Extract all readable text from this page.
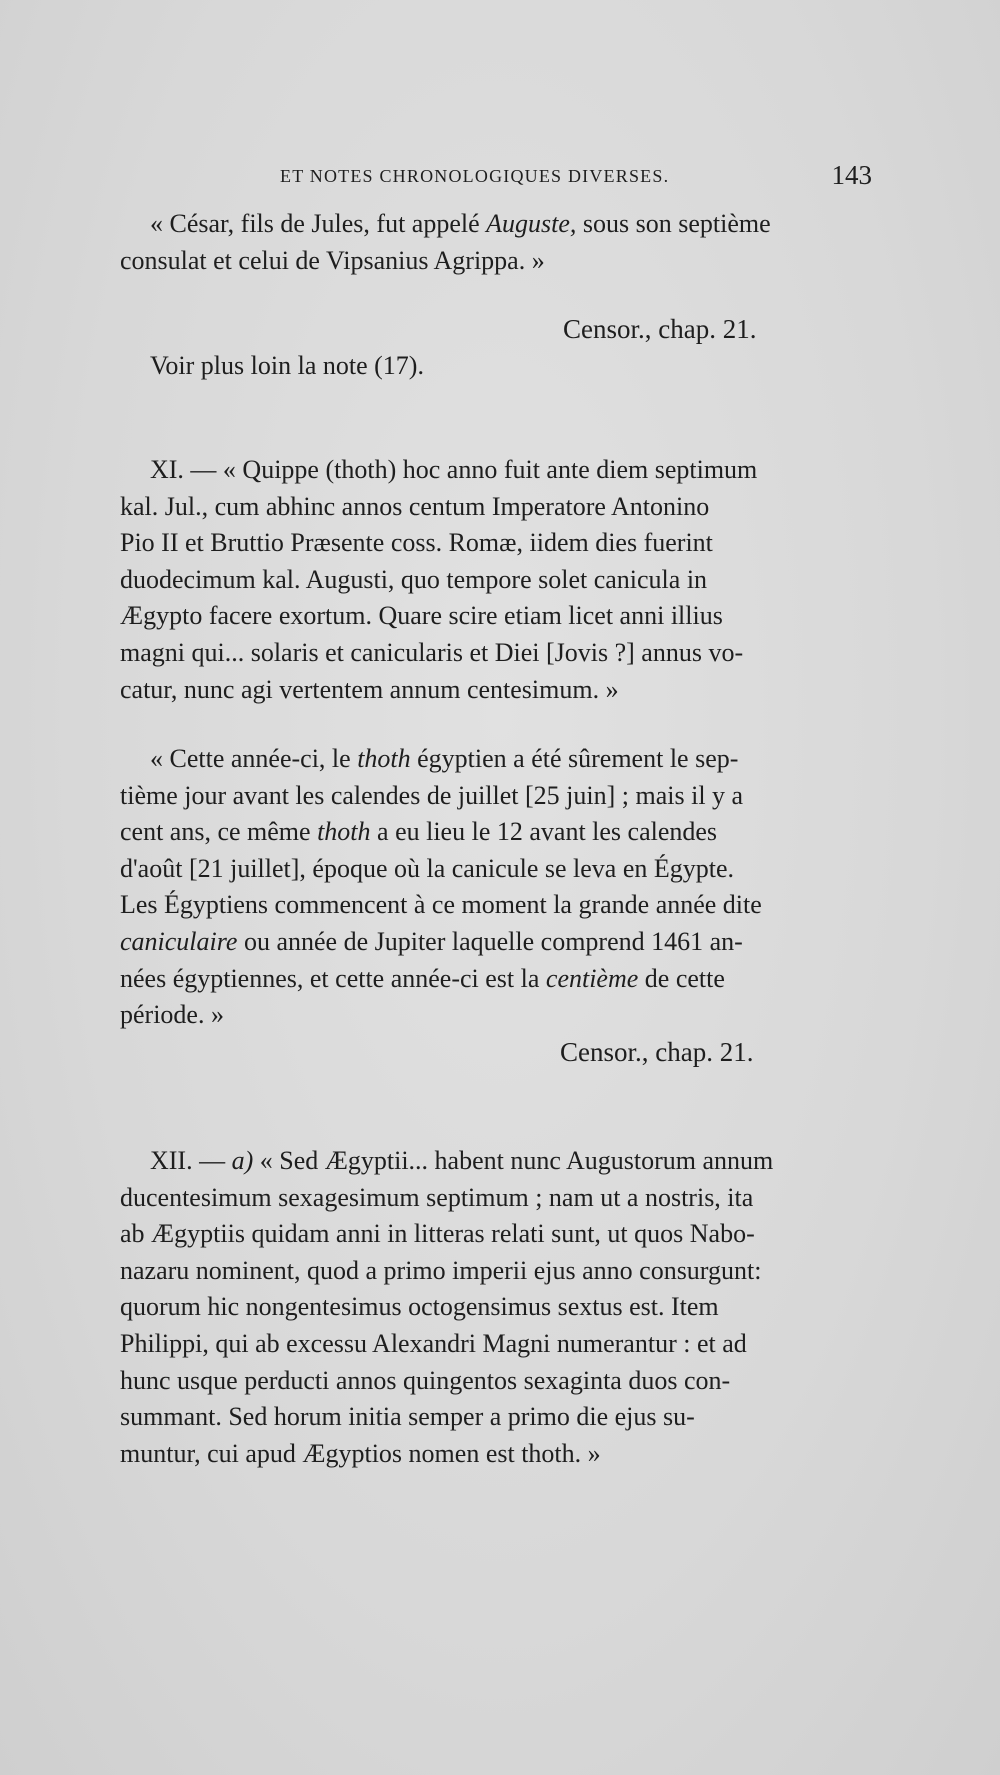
ET NOTES CHRONOLOGIQUES DIVERSES.	143
« César, fils de Jules, fut appelé Auguste, sous son septième
consulat et celui de Vipsanius Agrippa. »
Censor., chap. 21.
Voir plus loin la note (17).
XI. — « Quippe (thoth) hoc anno fuit ante diem septimum
kal. Jul., cum abhinc annos centum Imperatore Antonino
Pio II et Bruttio Præsente coss. Romæ, iidem dies fuerint
duodecimum kal. Augusti, quo tempore solet canicula in
Ægypto facere exortum. Quare scire etiam licet anni illius
magni qui... solaris et canicularis et Diei [Jovis ?] annus vo-
catur, nunc agi vertentem annum centesimum. »
« Cette année-ci, le thoth égyptien a été sûrement le sep-
tième jour avant les calendes de juillet [25 juin] ; mais il y a
cent ans, ce même thoth a eu lieu le 12 avant les calendes
d'août [21 juillet], époque où la canicule se leva en Égypte.
Les Égyptiens commencent à ce moment la grande année dite
caniculaire ou année de Jupiter laquelle comprend 1461 an-
nées égyptiennes, et cette année-ci est la centième de cette
période. »
Censor., chap. 21.
XII. — a) « Sed Ægyptii... habent nunc Augustorum annum
ducentesimum sexagesimum septimum ; nam ut a nostris, ita
ab Ægyptiis quidam anni in litteras relati sunt, ut quos Nabo-
nazaru nominent, quod a primo imperii ejus anno consurgunt:
quorum hic nongentesimus octogensimus sextus est. Item
Philippi, qui ab excessu Alexandri Magni numerantur : et ad
hunc usque perducti annos quingentos sexaginta duos con-
summant. Sed horum initia semper a primo die ejus su-
muntur, cui apud Ægyptios nomen est thoth. »
